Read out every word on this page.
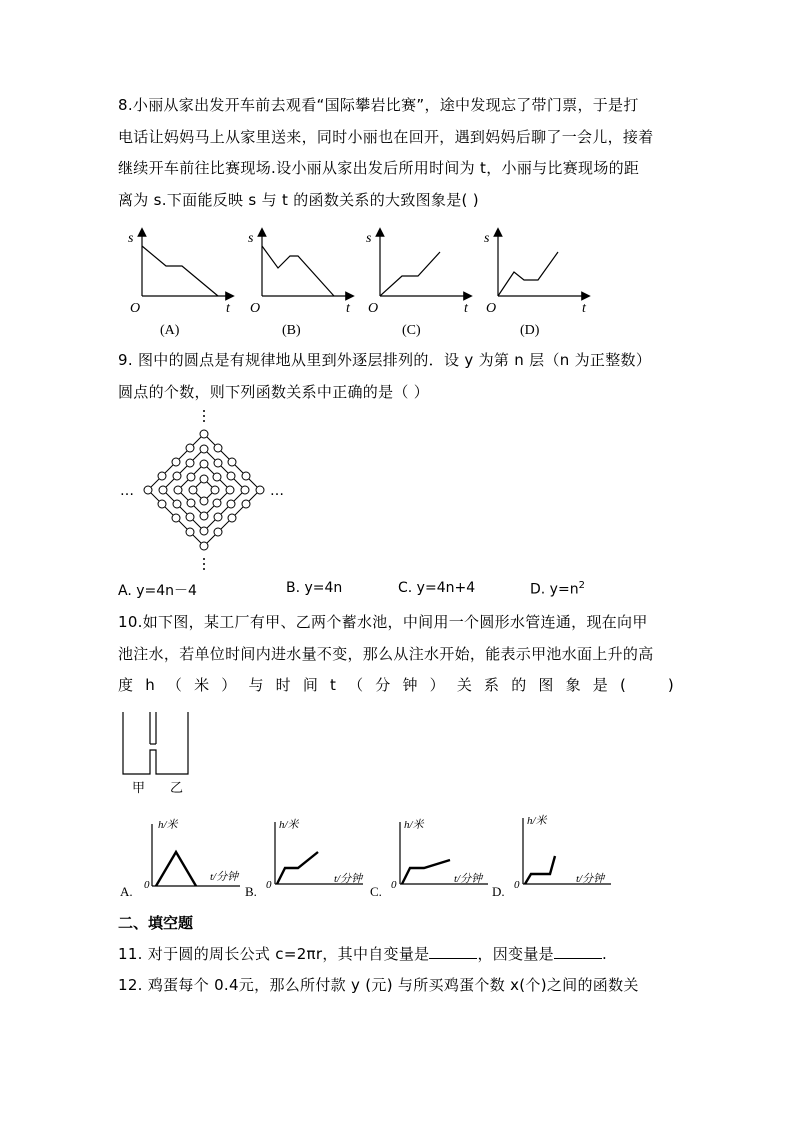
8.小丽从家出发开车前去观看“国际攀岩比赛”，途中发现忘了带门票，于是打
电话让妈妈马上从家里送来，同时小丽也在回开，遇到妈妈后聊了一会儿，接着
继续开车前往比赛现场.设小丽从家出发后所用时间为 t，小丽与比赛现场的距
离为 s.下面能反映 s 与 t 的函数关系的大致图象是( )
s
O	t
(A)
s
O	t
(B)
s
O	t
(C)
s
O	t
(D)
9. 图中的圆点是有规律地从里到外逐层排列的．设 y 为第 n 层（n 为正整数）
圆点的个数，则下列函数关系中正确的是（ ）
…	…
A. y=4n－4	B. y=4n	C. y=4n+4	D. $y=n^2$
10.如下图，某工厂有甲、乙两个蓄水池，中间用一个圆形水管连通，现在向甲
池注水，若单位时间内进水量不变，那么从注水开始，能表示甲池水面上升的高
度 h （ 米 ） 与 时 间 t （ 分 钟 ） 关 系 的 图 象 是 (	)
甲 乙
h/米
0
t/分钟
A.
h/米
0	t/分钟
B.
h/米
0	t/分钟
C.
h/米
0	t/分钟
D.
二、填空题
11. 对于圆的周长公式 c=2πr，其中自变量是	，因变量是	.
12. 鸡蛋每个 0.4元，那么所付款 y (元) 与所买鸡蛋个数 x(个)之间的函数关
